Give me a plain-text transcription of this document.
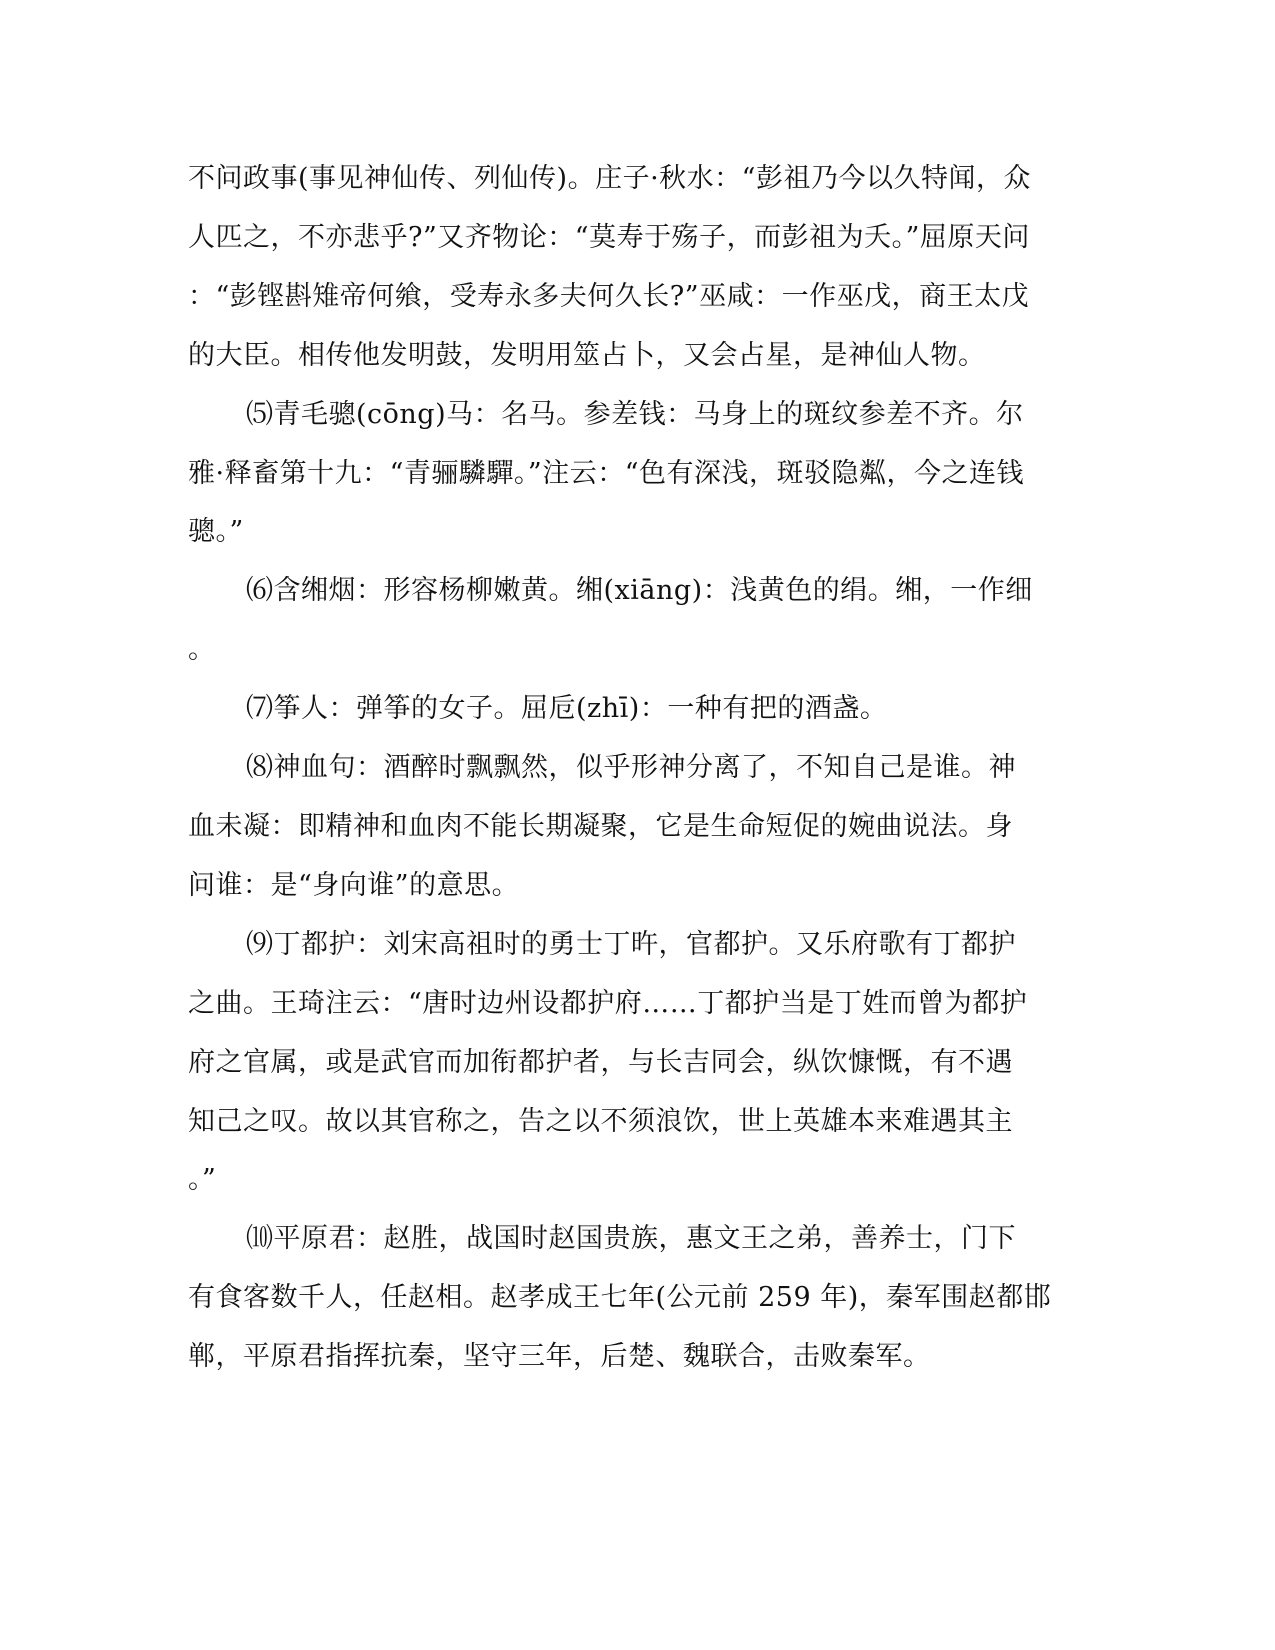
不问政事(事见神仙传、列仙传)。庄子·秋水：“彭祖乃今以久特闻，众
人匹之，不亦悲乎?”又齐物论：“莫寿于殇子，而彭祖为夭。”屈原天问
：“彭铿斟雉帝何飨，受寿永多夫何久长?”巫咸：一作巫戊，商王太戊
的大臣。相传他发明鼓，发明用筮占卜，又会占星，是神仙人物。
⑸青毛骢(cōng)马：名马。参差钱：马身上的斑纹参差不齐。尔
雅·释畜第十九：“青骊驎驒。”注云：“色有深浅，斑驳隐粼，今之连钱
骢。”
⑹含缃烟：形容杨柳嫩黄。缃(xiāng)：浅黄色的绢。缃，一作细
。
⑺筝人：弹筝的女子。屈卮(zhī)：一种有把的酒盏。
⑻神血句：酒醉时飘飘然，似乎形神分离了，不知自己是谁。神
血未凝：即精神和血肉不能长期凝聚，它是生命短促的婉曲说法。身
问谁：是“身向谁”的意思。
⑼丁都护：刘宋高祖时的勇士丁旿，官都护。又乐府歌有丁都护
之曲。王琦注云：“唐时边州设都护府……丁都护当是丁姓而曾为都护
府之官属，或是武官而加衔都护者，与长吉同会，纵饮慷慨，有不遇
知己之叹。故以其官称之，告之以不须浪饮，世上英雄本来难遇其主
。”
⑽平原君：赵胜，战国时赵国贵族，惠文王之弟，善养士，门下
有食客数千人，任赵相。赵孝成王七年(公元前 259 年)，秦军围赵都邯
郸，平原君指挥抗秦，坚守三年，后楚、魏联合，击败秦军。
